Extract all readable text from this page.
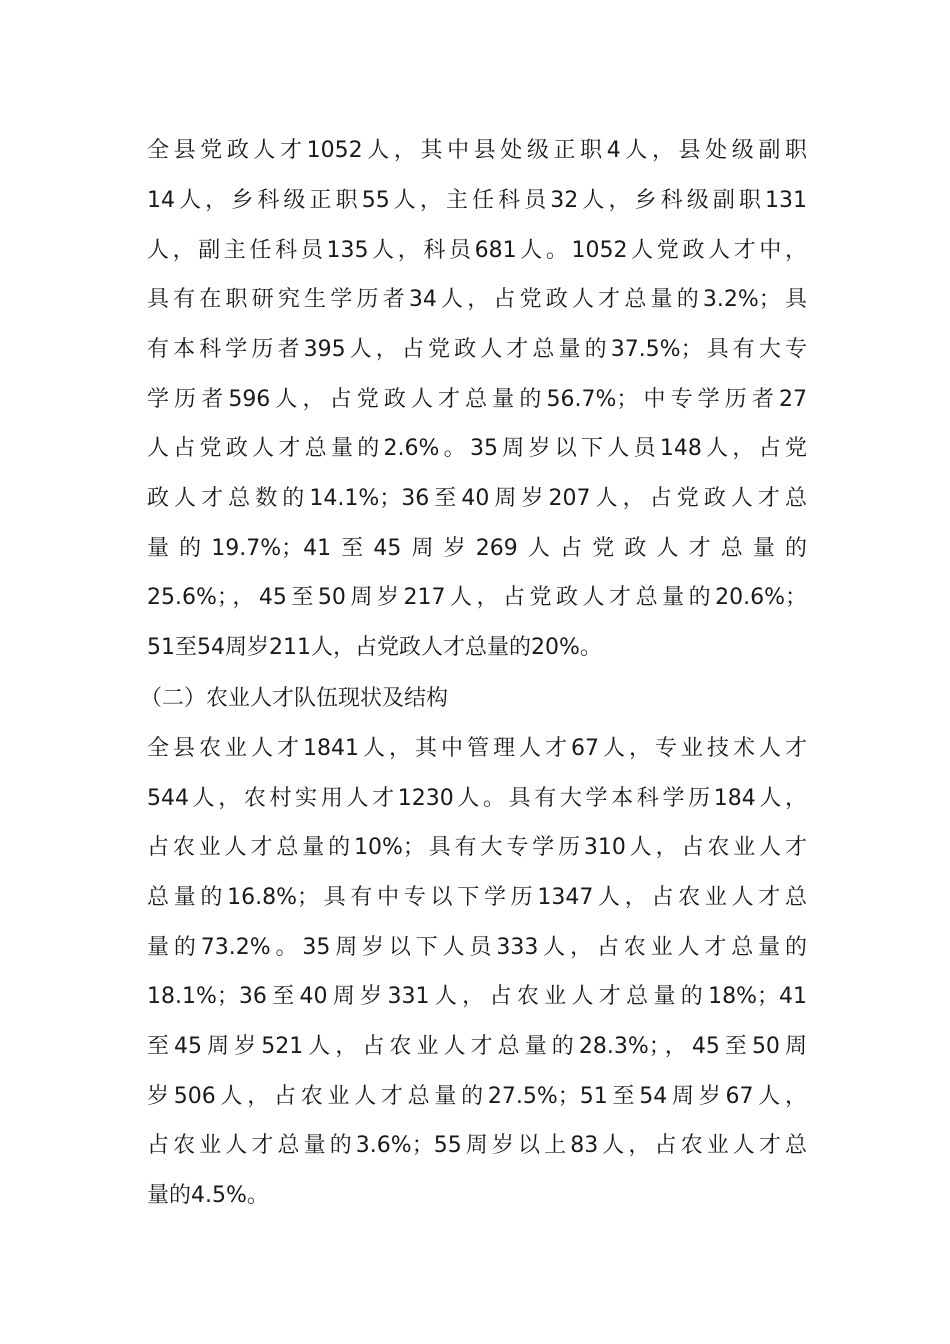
全县党政人才1052人，其中县处级正职4人，县处级副职
14人，乡科级正职55人，主任科员32人，乡科级副职131
人，副主任科员135人，科员681人。1052人党政人才中，
具有在职研究生学历者34人，占党政人才总量的3.2%；具
有本科学历者395人，占党政人才总量的37.5%；具有大专
学历者596人，占党政人才总量的56.7%；中专学历者27
人占党政人才总量的2.6%。35周岁以下人员148人，占党
政人才总数的14.1%；36至40周岁207人，占党政人才总
量的19.7%；41至45周岁269人占党政人才总量的
25.6%；，45至50周岁217人，占党政人才总量的20.6%；
51至54周岁211人，占党政人才总量的20%。
（二）农业人才队伍现状及结构
全县农业人才1841人，其中管理人才67人，专业技术人才
544人，农村实用人才1230人。具有大学本科学历184人，
占农业人才总量的10%；具有大专学历310人，占农业人才
总量的16.8%；具有中专以下学历1347人，占农业人才总
量的73.2%。35周岁以下人员333人，占农业人才总量的
18.1%；36至40周岁331人，占农业人才总量的18%；41
至45周岁521人，占农业人才总量的28.3%；，45至50周
岁506人，占农业人才总量的27.5%；51至54周岁67人，
占农业人才总量的3.6%；55周岁以上83人，占农业人才总
量的4.5%。
